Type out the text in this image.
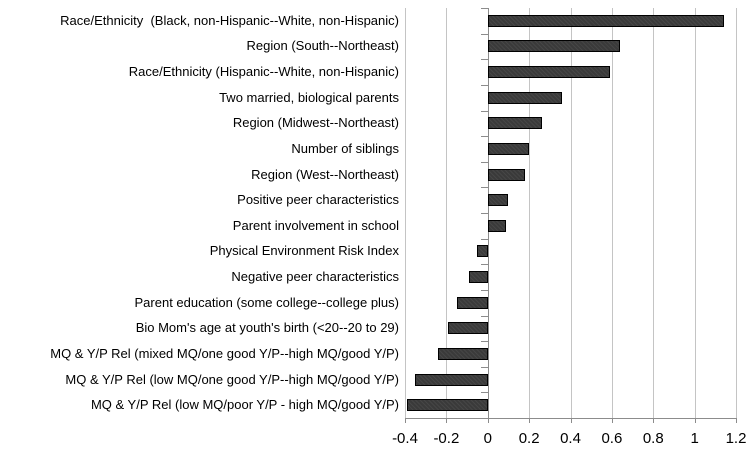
Race/Ethnicity  (Black, non-Hispanic--White, non-Hispanic)
Region (South--Northeast)
Race/Ethnicity (Hispanic--White, non-Hispanic)
Two married, biological parents
Region (Midwest--Northeast)
Number of siblings
Region (West--Northeast)
Positive peer characteristics
Parent involvement in school
Physical Environment Risk Index
Negative peer characteristics
Parent education (some college--college plus)
Bio Mom's age at youth's birth (<20--20 to 29)
MQ & Y/P Rel (mixed MQ/one good Y/P--high MQ/good Y/P)
MQ & Y/P Rel (low MQ/one good Y/P--high MQ/good Y/P)
MQ & Y/P Rel (low MQ/poor Y/P - high MQ/good Y/P)
-0.4	-0.2	0	0.2	0.4	0.6	0.8	1	1.2
